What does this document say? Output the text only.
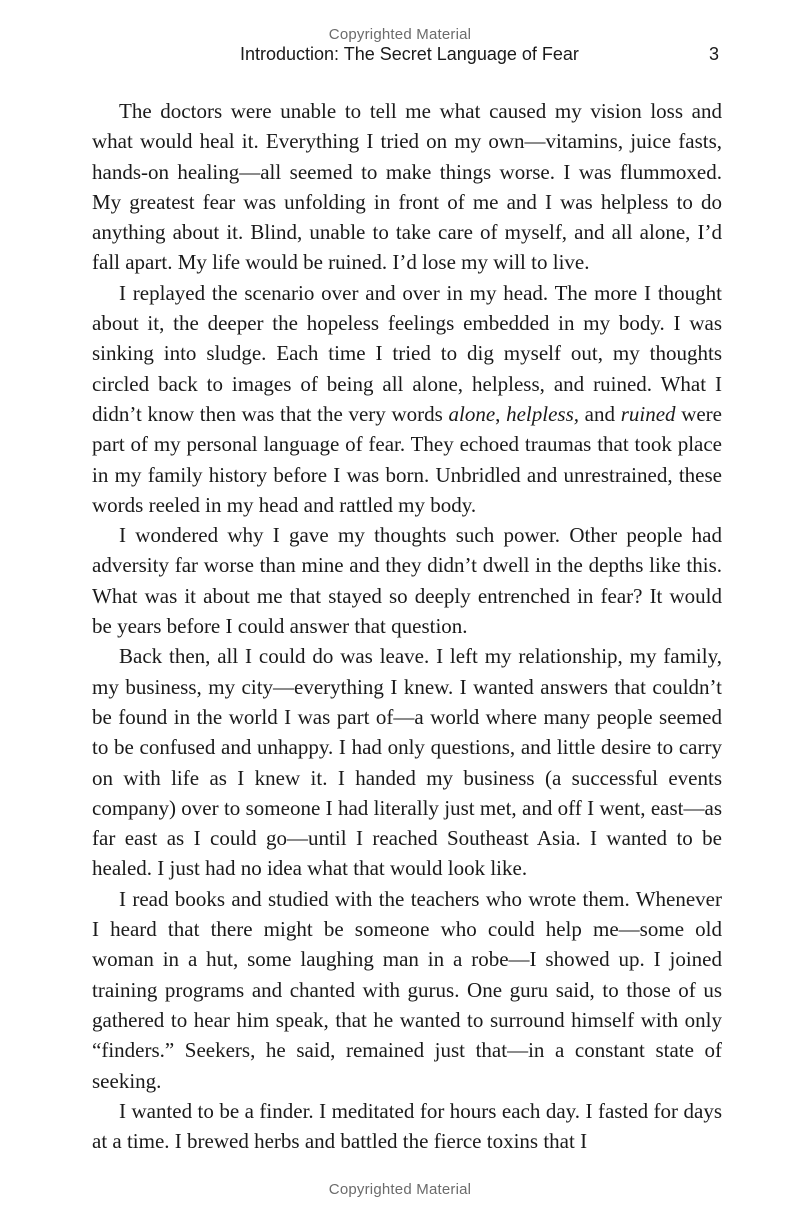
Copyrighted Material
Introduction: The Secret Language of Fear	3

The doctors were unable to tell me what caused my vision loss and what would heal it. Everything I tried on my own—vitamins, juice fasts, hands-on healing—all seemed to make things worse. I was flummoxed. My greatest fear was unfolding in front of me and I was helpless to do anything about it. Blind, unable to take care of myself, and all alone, I’d fall apart. My life would be ruined. I’d lose my will to live.

I replayed the scenario over and over in my head. The more I thought about it, the deeper the hopeless feelings embedded in my body. I was sinking into sludge. Each time I tried to dig myself out, my thoughts circled back to images of being all alone, helpless, and ruined. What I didn’t know then was that the very words alone, helpless, and ruined were part of my personal language of fear. They echoed traumas that took place in my family history before I was born. Unbridled and unrestrained, these words reeled in my head and rattled my body.

I wondered why I gave my thoughts such power. Other people had adversity far worse than mine and they didn’t dwell in the depths like this. What was it about me that stayed so deeply entrenched in fear? It would be years before I could answer that question.

Back then, all I could do was leave. I left my relationship, my family, my business, my city—everything I knew. I wanted answers that couldn’t be found in the world I was part of—a world where many people seemed to be confused and unhappy. I had only questions, and little desire to carry on with life as I knew it. I handed my business (a successful events company) over to someone I had literally just met, and off I went, east—as far east as I could go—until I reached Southeast Asia. I wanted to be healed. I just had no idea what that would look like.

I read books and studied with the teachers who wrote them. Whenever I heard that there might be someone who could help me—some old woman in a hut, some laughing man in a robe—I showed up. I joined training programs and chanted with gurus. One guru said, to those of us gathered to hear him speak, that he wanted to surround himself with only “finders.” Seekers, he said, remained just that—in a constant state of seeking.

I wanted to be a finder. I meditated for hours each day. I fasted for days at a time. I brewed herbs and battled the fierce toxins that I

Copyrighted Material
